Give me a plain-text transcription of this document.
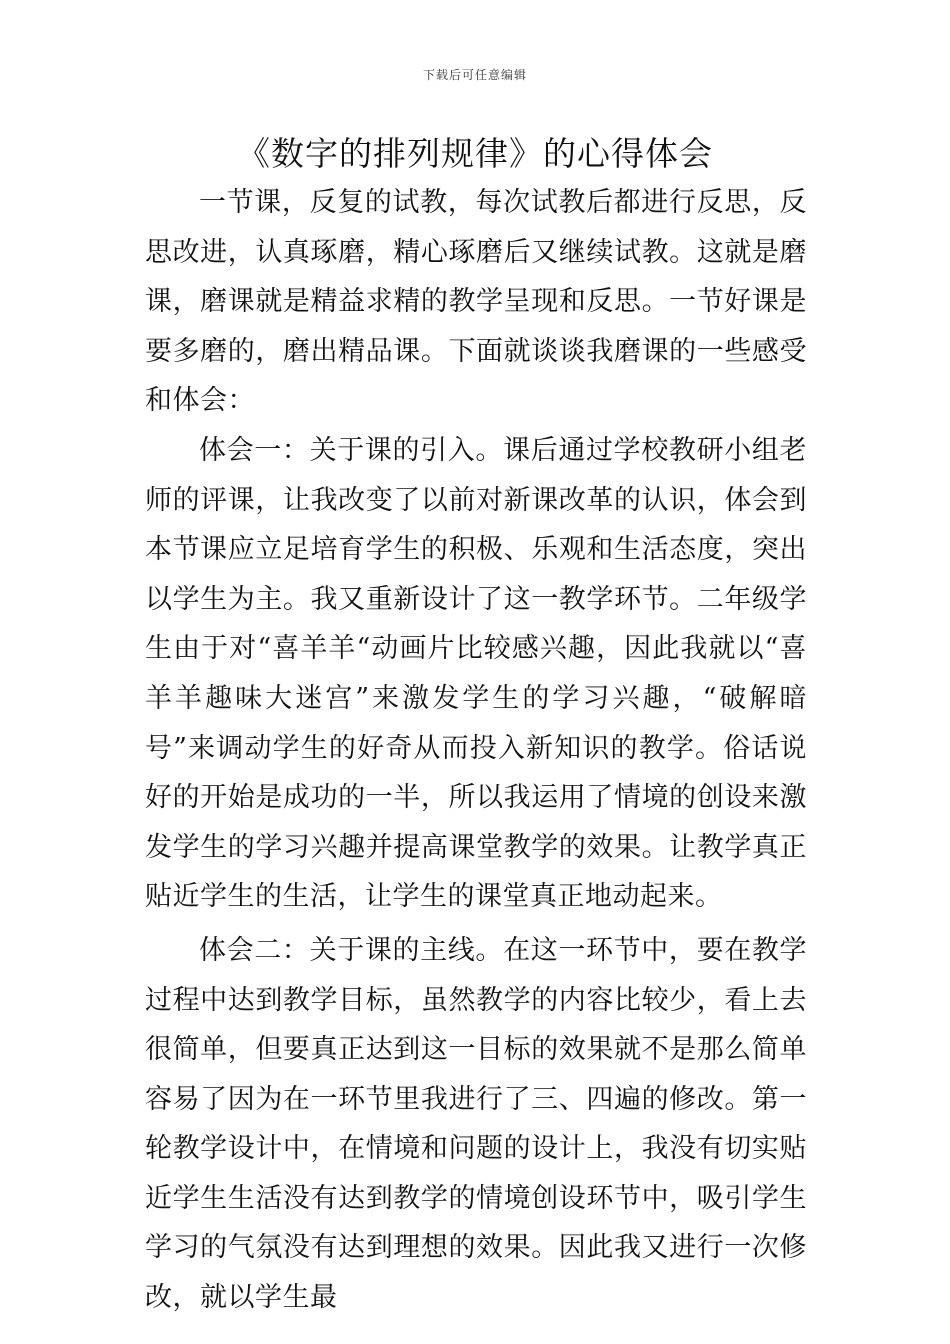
下载后可任意编辑
《数字的排列规律》的心得体会

一节课，反复的试教，每次试教后都进行反思，反思改进，认真琢磨，精心琢磨后又继续试教。这就是磨课，磨课就是精益求精的教学呈现和反思。一节好课是要多磨的，磨出精品课。下面就谈谈我磨课的一些感受和体会：

体会一：关于课的引入。课后通过学校教研小组老师的评课，让我改变了以前对新课改革的认识，体会到本节课应立足培育学生的积极、乐观和生活态度，突出以学生为主。我又重新设计了这一教学环节。二年级学生由于对“喜羊羊“动画片比较感兴趣，因此我就以“喜羊羊趣味大迷宫”来激发学生的学习兴趣，“破解暗号”来调动学生的好奇从而投入新知识的教学。俗话说好的开始是成功的一半，所以我运用了情境的创设来激发学生的学习兴趣并提高课堂教学的效果。让教学真正贴近学生的生活，让学生的课堂真正地动起来。

体会二：关于课的主线。在这一环节中，要在教学过程中达到教学目标，虽然教学的内容比较少，看上去很简单，但要真正达到这一目标的效果就不是那么简单容易了因为在一环节里我进行了三、四遍的修改。第一轮教学设计中，在情境和问题的设计上，我没有切实贴近学生生活没有达到教学的情境创设环节中，吸引学生学习的气氛没有达到理想的效果。因此我又进行一次修改，就以学生最
